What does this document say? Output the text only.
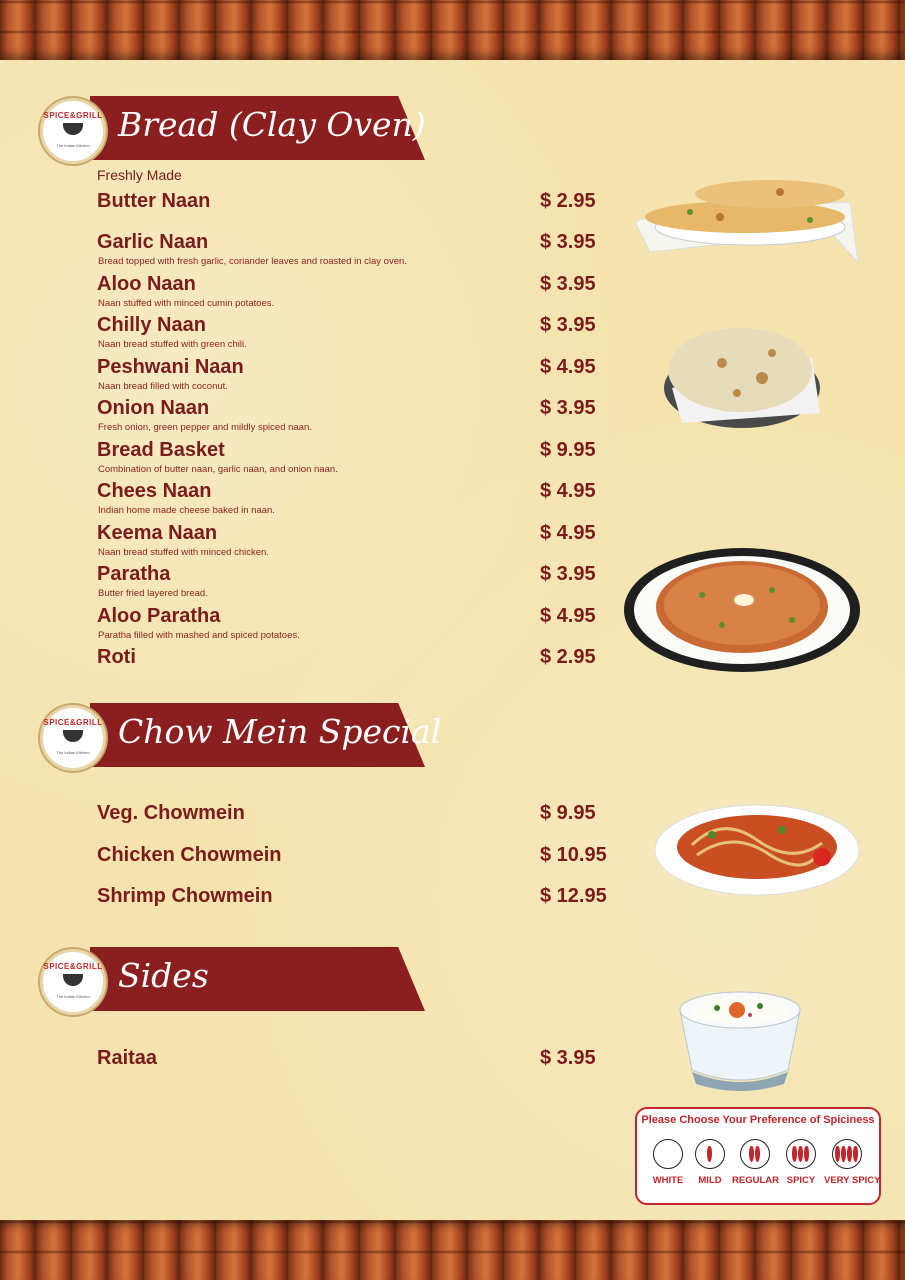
Bread (Clay Oven)
SPICE&GRILL
The Indian Kitchen
Freshly Made
Butter Naan	$ 2.95
Garlic Naan	$ 3.95
Bread topped with fresh garlic, coriander leaves and roasted in clay oven.
Aloo Naan	$ 3.95
Naan stuffed with minced cumin potatoes.
Chilly Naan	$ 3.95
Naan bread stuffed with green chili.
Peshwani Naan	$ 4.95
Naan bread filled with coconut.
Onion Naan	$ 3.95
Fresh onion, green pepper and mildly spiced naan.
Bread Basket	$ 9.95
Combination of butter naan, garlic naan, and onion naan.
Chees Naan	$ 4.95
Indian home made cheese baked in naan.
Keema Naan	$ 4.95
Naan bread stuffed with minced chicken.
Paratha	$ 3.95
Butter fried layered bread.
Aloo Paratha	$ 4.95
Paratha filled with mashed and spiced potatoes.
Roti	$ 2.95
Chow Mein Special
SPICE&GRILL
The Indian Kitchen
Veg. Chowmein	$ 9.95
Chicken Chowmein	$ 10.95
Shrimp Chowmein	$ 12.95
Sides
SPICE&GRILL
The Indian Kitchen
Raitaa	$ 3.95
Please Choose Your Preference of Spiciness
WHITE	MILD	REGULAR SPICY VERY SPICY
